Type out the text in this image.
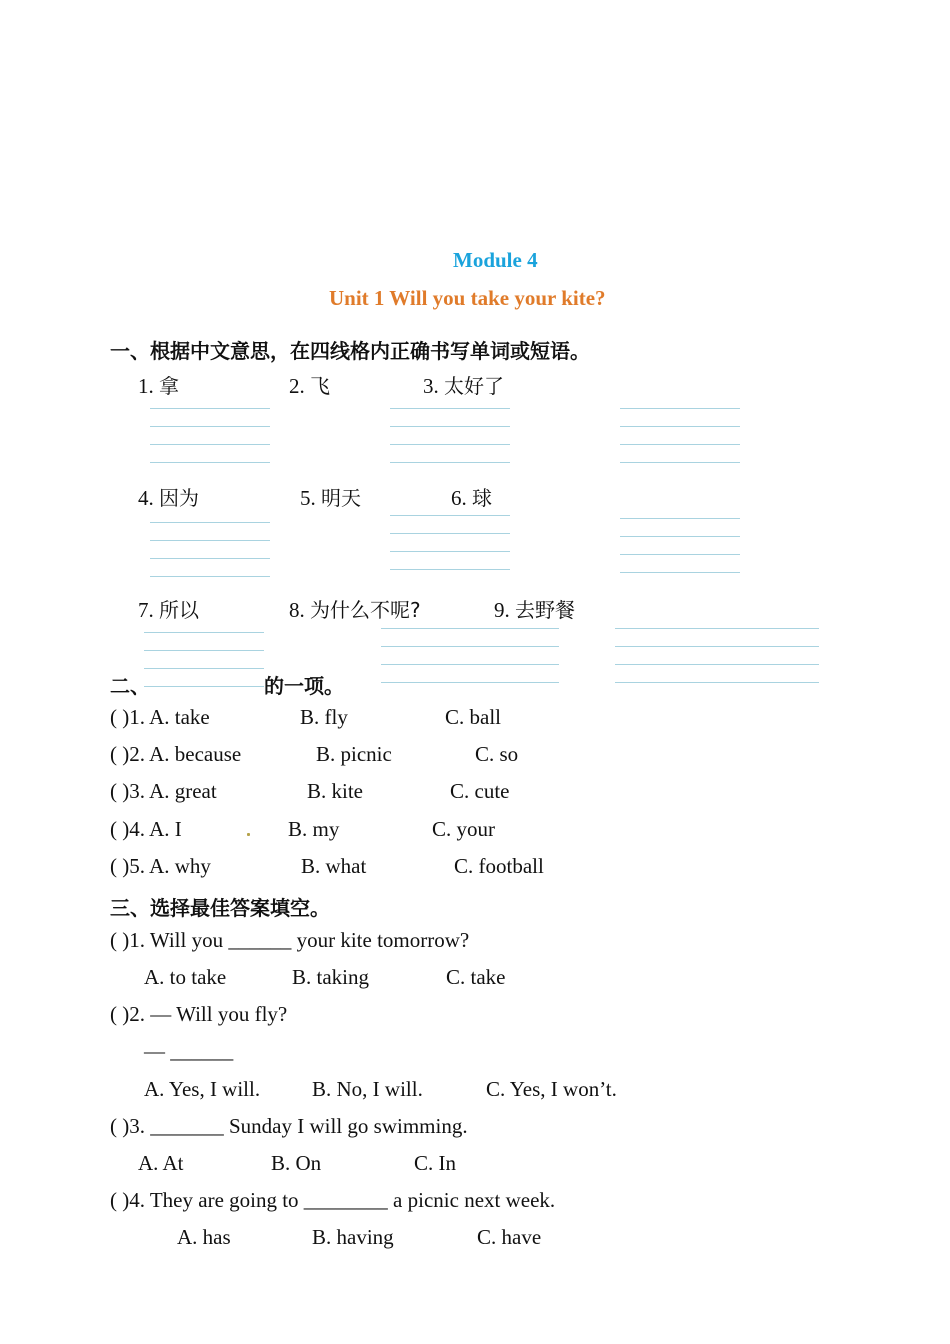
Module 4
Unit 1 Will you take your kite?
一、根据中文意思，在四线格内正确书写单词或短语。
1. 拿	2. 飞	3. 太好了
4. 因为	5. 明天	6. 球
7. 所以	8. 为什么不呢?	9. 去野餐
二、	的一项。
( )1. A. take	B. fly	C. ball
( )2. A. because	B. picnic	C. so
( )3. A. great	B. kite	C. cute
( )4. A. I	B. my	C. your
( )5. A. why	B. what	C. football
三、选择最佳答案填空。
( )1. Will you ______ your kite tomorrow?
A. to take	B. taking	C. take
( )2. — Will you fly?
— ______
A. Yes, I will. B. No, I will.	C. Yes, I won’t.
( )3. _______ Sunday I will go swimming.
A. At	B. On	C. In
( )4. They are going to ________ a picnic next week.
A. has	B. having	C. have
